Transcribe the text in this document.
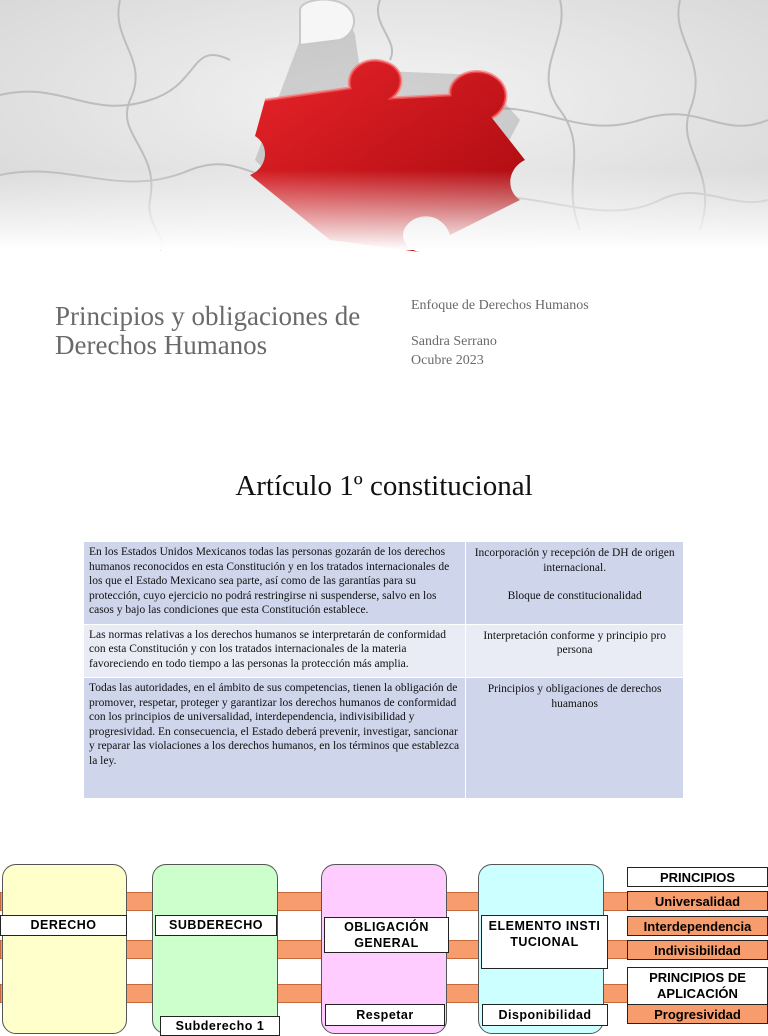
Principios y obligaciones de Derechos Humanos
Enfoque de Derechos Humanos
Sandra Serrano
Ocubre 2023
Artículo 1º constitucional
En los Estados Unidos Mexicanos todas las personas gozarán de los derechos humanos reconocidos en esta Constitución y en los tratados internacionales de los que el Estado Mexicano sea parte, así como de las garantías para su protección, cuyo ejercicio no podrá restringirse ni suspenderse, salvo en los casos y bajo las condiciones que esta Constitución establece.	Incorporación y recepción de DH de origen internacional.
Bloque de constitucionalidad

Las normas relativas a los derechos humanos se interpretarán de conformidad con esta Constitución y con los tratados internacionales de la materia favoreciendo en todo tiempo a las personas la protección más amplia.	Interpretación conforme y principio pro persona
Todas las autoridades, en el ámbito de sus competencias, tienen la obligación de promover, respetar, proteger y garantizar los derechos humanos de conformidad con los principios de universalidad, interdependencia, indivisibilidad y progresividad. En consecuencia, el Estado deberá prevenir, investigar, sancionar y reparar las violaciones a los derechos humanos, en los términos que establezca la ley.	Principios y obligaciones de derechos huamanos
DERECHO	SUBDERECHO	OBLIGACIÓN GENERAL
ELEMENTO INSTITUCIONAL
PRINCIPIOS
Universalidad
Interdependencia
Indivisibilidad
PRINCIPIOS DE APLICACIÓN
Progresividad
Subderecho 1
Respetar	Disponibilidad
